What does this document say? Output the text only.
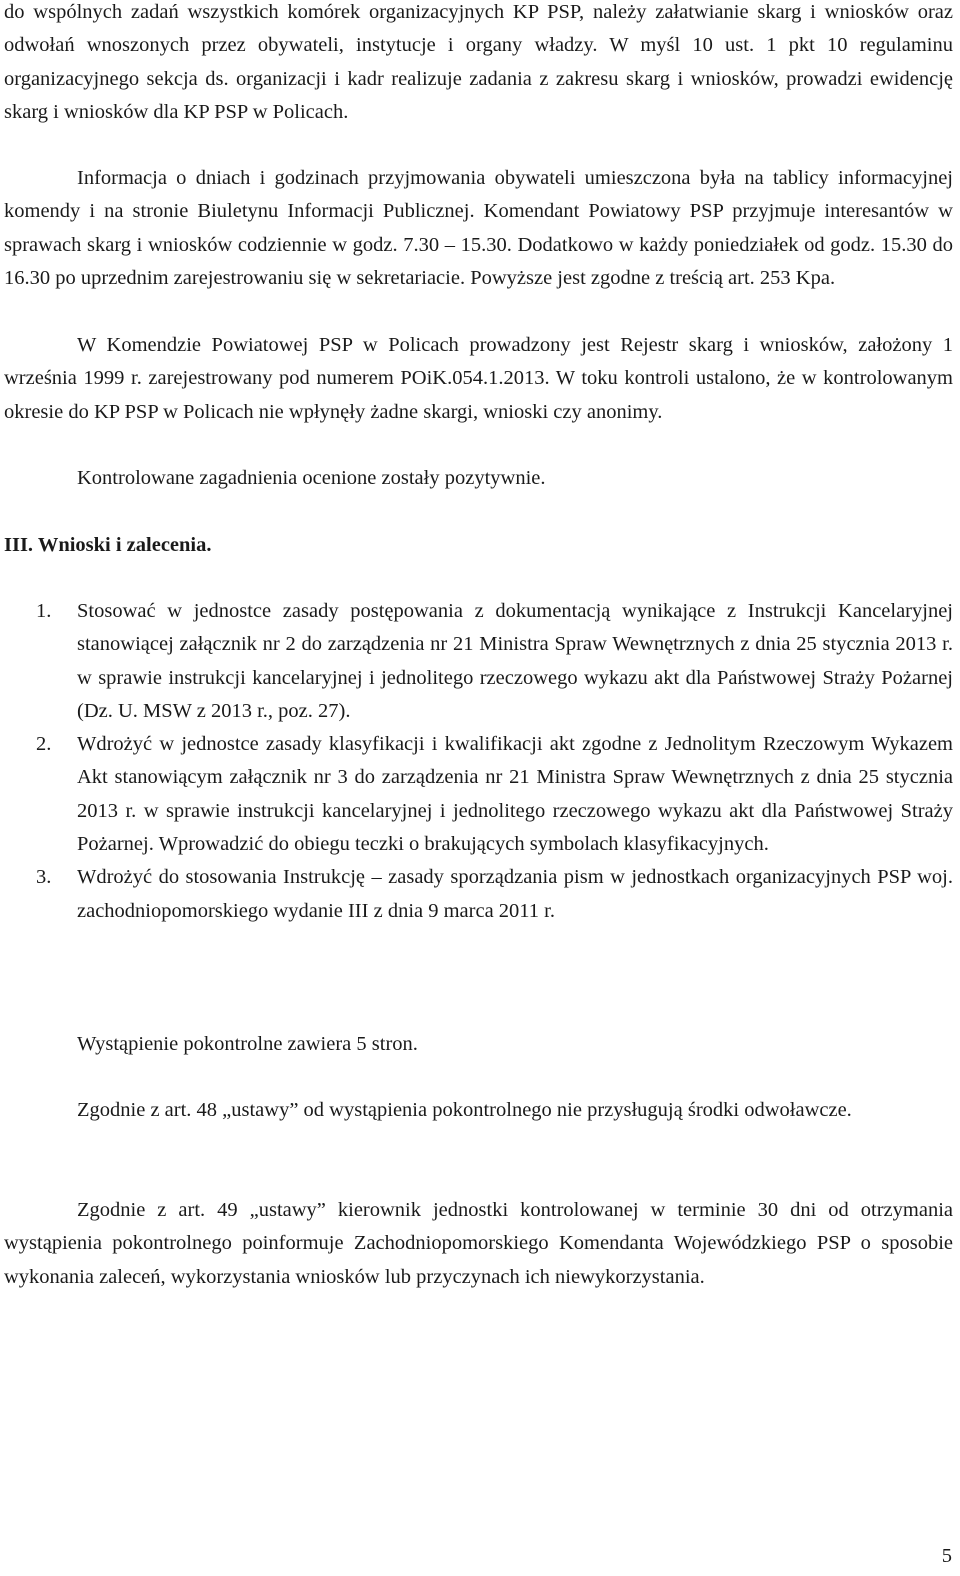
do wspólnych zadań wszystkich komórek organizacyjnych KP PSP, należy załatwianie skarg i wniosków oraz odwołań wnoszonych przez obywateli, instytucje i organy władzy. W myśl 10 ust. 1 pkt 10 regulaminu organizacyjnego sekcja ds. organizacji i kadr realizuje zadania z zakresu skarg i wniosków, prowadzi ewidencję skarg i wniosków dla KP PSP w Policach.

Informacja o dniach i godzinach przyjmowania obywateli umieszczona była na tablicy informacyjnej komendy i na stronie Biuletynu Informacji Publicznej. Komendant Powiatowy PSP przyjmuje interesantów w sprawach skarg i wniosków codziennie w godz. 7.30 – 15.30. Dodatkowo w każdy poniedziałek od godz. 15.30 do 16.30 po uprzednim zarejestrowaniu się w sekretariacie. Powyższe jest zgodne z treścią art. 253 Kpa.

W Komendzie Powiatowej PSP w Policach prowadzony jest Rejestr skarg i wniosków, założony 1 września 1999 r. zarejestrowany pod numerem POiK.054.1.2013. W toku kontroli ustalono, że w kontrolowanym okresie do KP PSP w Policach nie wpłynęły żadne skargi, wnioski czy anonimy.

Kontrolowane zagadnienia ocenione zostały pozytywnie.

III. Wnioski i zalecenia.

1. Stosować w jednostce zasady postępowania z dokumentacją wynikające z Instrukcji Kancelaryjnej stanowiącej załącznik nr 2 do zarządzenia nr 21 Ministra Spraw Wewnętrznych z dnia 25 stycznia 2013 r. w sprawie instrukcji kancelaryjnej i jednolitego rzeczowego wykazu akt dla Państwowej Straży Pożarnej (Dz. U. MSW z 2013 r., poz. 27).
2. Wdrożyć w jednostce zasady klasyfikacji i kwalifikacji akt zgodne z Jednolitym Rzeczowym Wykazem Akt stanowiącym załącznik nr 3 do zarządzenia nr 21 Ministra Spraw Wewnętrznych z dnia 25 stycznia 2013 r. w sprawie instrukcji kancelaryjnej i jednolitego rzeczowego wykazu akt dla Państwowej Straży Pożarnej. Wprowadzić do obiegu teczki o brakujących symbolach klasyfikacyjnych.
3. Wdrożyć do stosowania Instrukcję – zasady sporządzania pism w jednostkach organizacyjnych PSP woj. zachodniopomorskiego wydanie III z dnia 9 marca 2011 r.

Wystąpienie pokontrolne zawiera 5 stron.

Zgodnie z art. 48 „ustawy” od wystąpienia pokontrolnego nie przysługują środki odwoławcze.

Zgodnie z art. 49 „ustawy” kierownik jednostki kontrolowanej w terminie 30 dni od otrzymania wystąpienia pokontrolnego poinformuje Zachodniopomorskiego Komendanta Wojewódzkiego PSP o sposobie wykonania zaleceń, wykorzystania wniosków lub przyczynach ich niewykorzystania.

5
